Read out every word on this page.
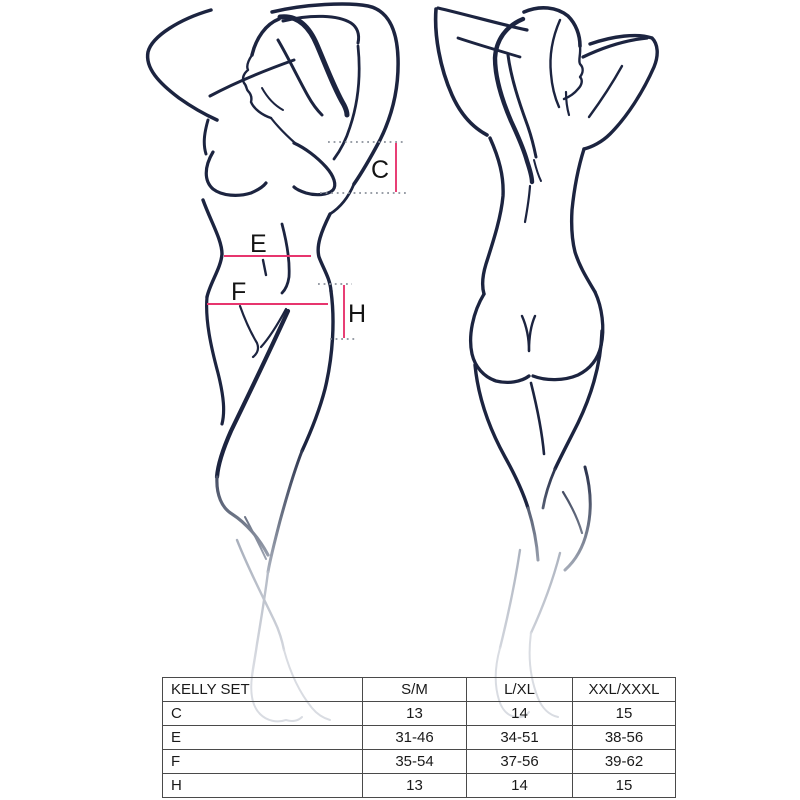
C
E
F
H
KELLY SET	S/M	L/XL	XXL/XXXL
C	13	14	15
E	31-46	34-51	38-56
F	35-54	37-56	39-62
H	13	14	15
